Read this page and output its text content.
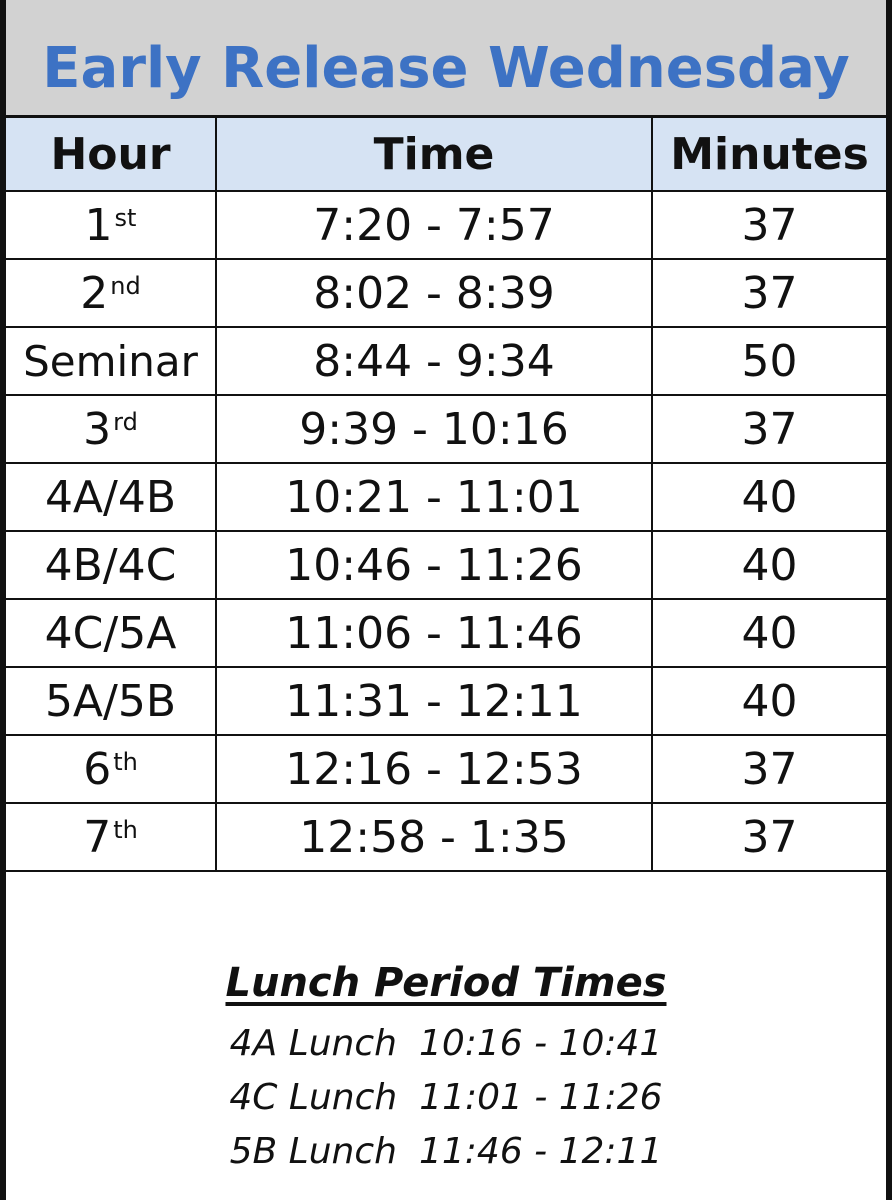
Early Release Wednesday
Hour	Time	Minutes
1st	7:20 - 7:57	37
2nd	8:02 - 8:39	37
Seminar	8:44 - 9:34	50
3rd	9:39 - 10:16	37
4A/4B	10:21 - 11:01	40
4B/4C	10:46 - 11:26	40
4C/5A	11:06 - 11:46	40
5A/5B	11:31 - 12:11	40
6th	12:16 - 12:53	37
7th	12:58 - 1:35	37
Lunch Period Times
4A Lunch 10:16 - 10:41
4C Lunch 11:01 - 11:26
5B Lunch 11:46 - 12:11
